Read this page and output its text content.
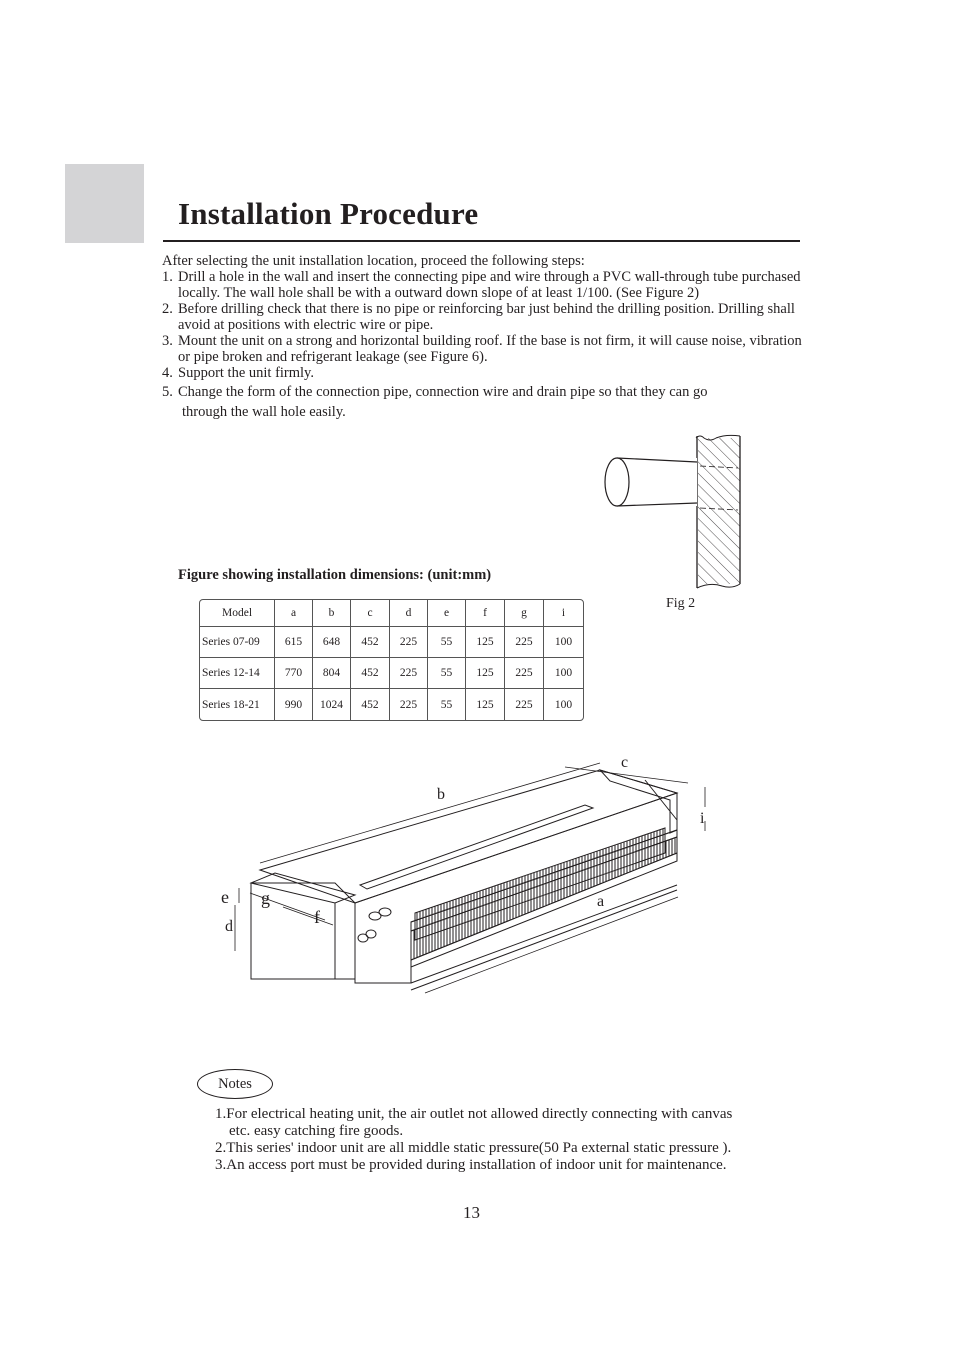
Installation Procedure

After selecting the unit installation location, proceed the following steps:

1. Drill a hole in the wall and insert the connecting pipe and wire through a PVC wall-through tube purchased locally. The wall hole shall be with a outward down slope of at least 1/100. (See Figure 2)

2. Before drilling check that there is no pipe or reinforcing bar just behind the drilling position. Drilling shall avoid at positions with electric wire or pipe.

3. Mount the unit on a strong and horizontal building roof. If the base is not firm, it will cause noise, vibration or pipe broken and refrigerant leakage (see Figure 6).

4. Support the unit firmly.

5. Change the form of the connection pipe, connection wire and drain pipe so that they can go
through the wall hole easily.

Fig 2
Figure showing installation dimensions: (unit:mm)
Model	a	b	c	d	e	f	g	i
Series 07-09	615	648	452	225	55	125	225	100
Series 12-14	770	804	452	225	55	125	225	100
Series 18-21	990	1024	452	225	55	125	225	100
b
c
i
a
e g
d	f
Notes

1.For electrical heating unit, the air outlet not allowed directly connecting with canvas

etc. easy catching fire goods.

2.This series' indoor unit are all middle static pressure(50 Pa external static pressure ).

3.An access port must be provided during installation of indoor unit for maintenance.

13
